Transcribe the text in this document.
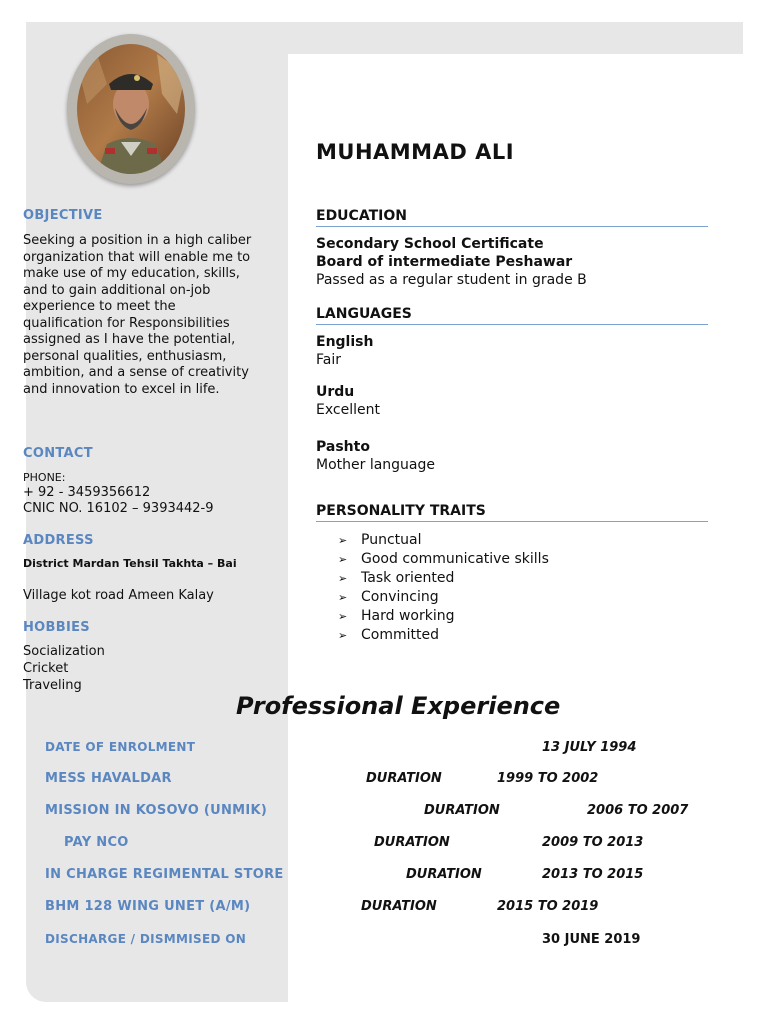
OBJECTIVE
Seeking a position in a high caliber organization that will enable me to make use of my education, skills, and to gain additional on-job experience to meet the qualification for Responsibilities assigned as I have the potential, personal qualities, enthusiasm, ambition, and a sense of creativity and innovation to excel in life.
CONTACT
PHONE:
+ 92 - 3459356612
CNIC NO. 16102 – 9393442-9
ADDRESS
District Mardan Tehsil Takhta – Bai
Village kot road Ameen Kalay
HOBBIES
Socialization
Cricket
Traveling
MUHAMMAD ALI
EDUCATION
Secondary School Certificate
Board of intermediate Peshawar
Passed as a regular student in grade B
LANGUAGES
English
Fair
Urdu
Excellent
Pashto
Mother language
PERSONALITY TRAITS
➢ Punctual
➢ Good communicative skills
➢ Task oriented
➢ Convincing
➢ Hard working
➢ Committed
Professional Experience
DATE OF ENROLMENT	13 JULY 1994
MESS HAVALDAR	DURATION	1999 TO 2002
MISSION IN KOSOVO (UNMIK)	DURATION	2006 TO 2007
PAY NCO	DURATION	2009 TO 2013
IN CHARGE REGIMENTAL STORE	DURATION	2013 TO 2015
BHM 128 WING UNET (A/M)	DURATION	2015 TO 2019
DISCHARGE / DISMMISED ON	30 JUNE 2019
